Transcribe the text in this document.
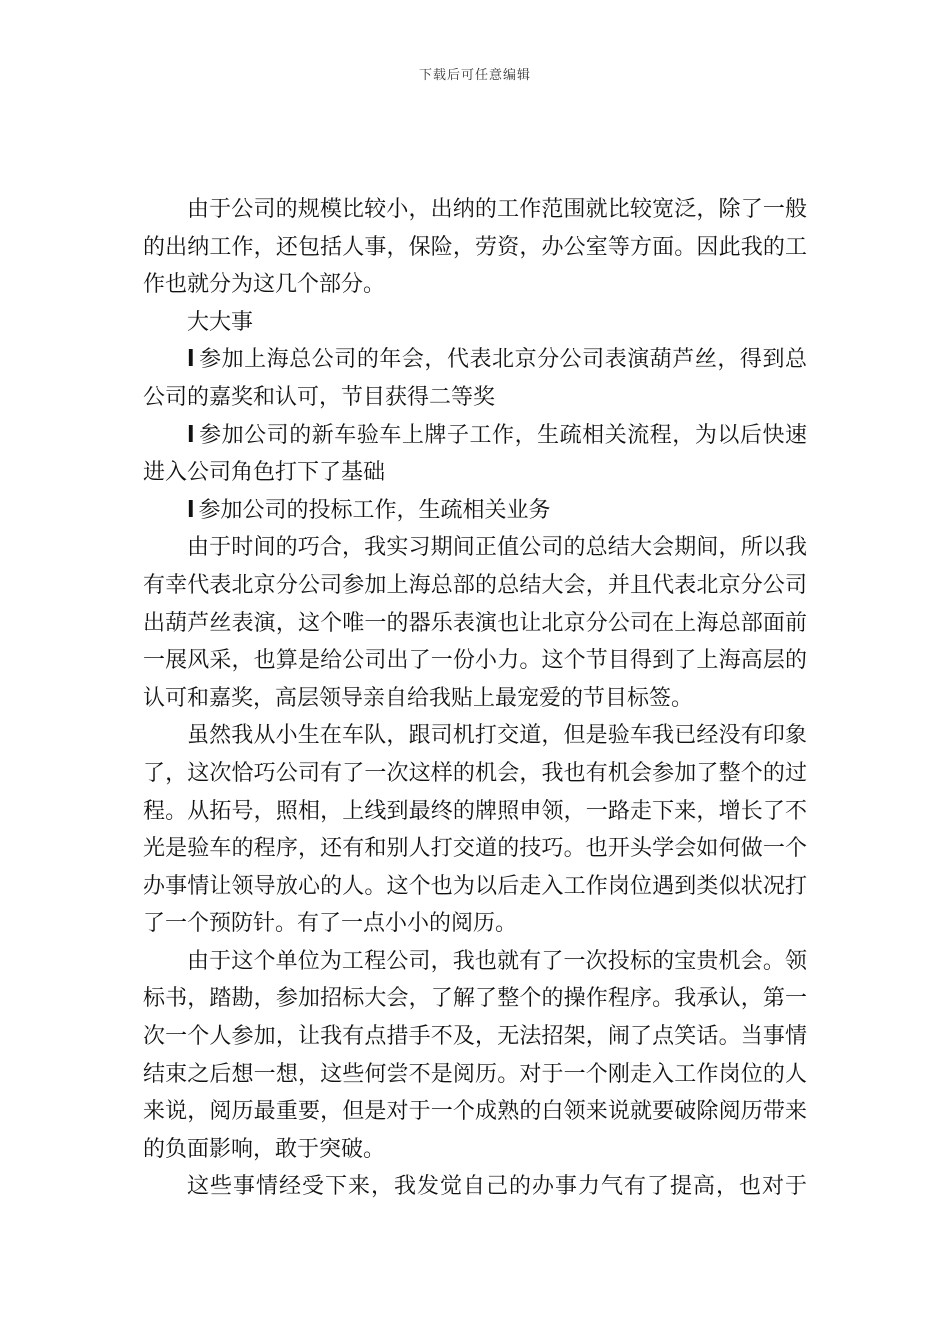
下载后可任意编辑

由于公司的规模比较小，出纳的工作范围就比较宽泛，除了一般的出纳工作，还包括人事，保险，劳资，办公室等方面。因此我的工作也就分为这几个部分。

大大事

l 参加上海总公司的年会，代表北京分公司表演葫芦丝，得到总公司的嘉奖和认可，节目获得二等奖

l 参加公司的新车验车上牌子工作，生疏相关流程，为以后快速进入公司角色打下了基础

l 参加公司的投标工作，生疏相关业务

由于时间的巧合，我实习期间正值公司的总结大会期间，所以我有幸代表北京分公司参加上海总部的总结大会，并且代表北京分公司出葫芦丝表演，这个唯一的器乐表演也让北京分公司在上海总部面前一展风采，也算是给公司出了一份小力。这个节目得到了上海高层的认可和嘉奖，高层领导亲自给我贴上最宠爱的节目标签。

虽然我从小生在车队，跟司机打交道，但是验车我已经没有印象了，这次恰巧公司有了一次这样的机会，我也有机会参加了整个的过程。从拓号，照相，上线到最终的牌照申领，一路走下来，增长了不光是验车的程序，还有和别人打交道的技巧。也开头学会如何做一个办事情让领导放心的人。这个也为以后走入工作岗位遇到类似状况打了一个预防针。有了一点小小的阅历。

由于这个单位为工程公司，我也就有了一次投标的宝贵机会。领标书，踏勘，参加招标大会，了解了整个的操作程序。我承认，第一次一个人参加，让我有点措手不及，无法招架，闹了点笑话。当事情结束之后想一想，这些何尝不是阅历。对于一个刚走入工作岗位的人来说，阅历最重要，但是对于一个成熟的白领来说就要破除阅历带来的负面影响，敢于突破。

这些事情经受下来，我发觉自己的办事力气有了提高，也对于
